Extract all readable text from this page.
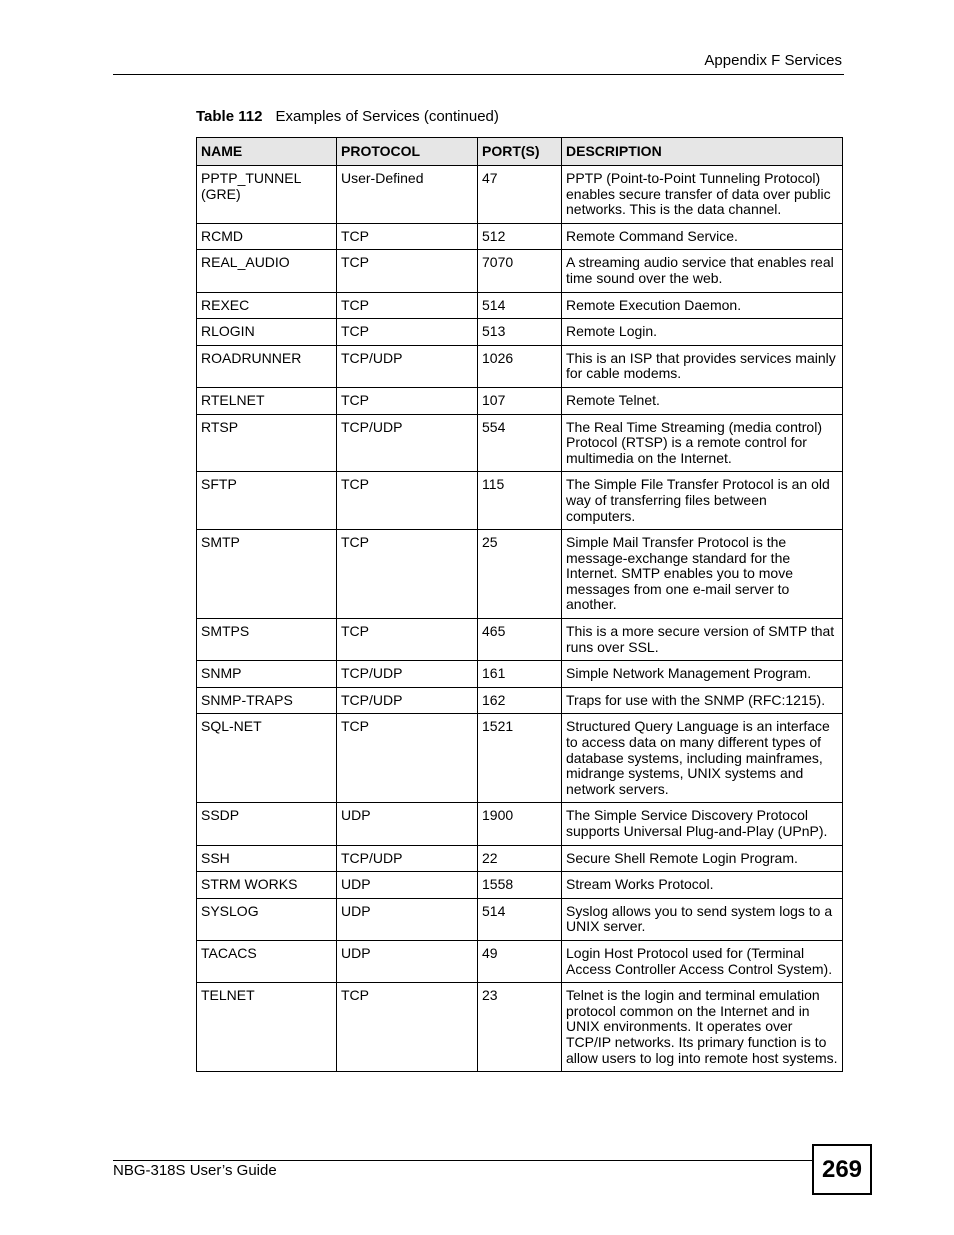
Appendix F Services
Table 112 Examples of Services (continued)
NAME	PROTOCOL	PORT(S)	DESCRIPTION
PPTP_TUNNEL (GRE)	User-Defined	47	PPTP (Point-to-Point Tunneling Protocol) enables secure transfer of data over public networks. This is the data channel.
RCMD	TCP	512	Remote Command Service.
REAL_AUDIO	TCP	7070	A streaming audio service that enables real time sound over the web.
REXEC	TCP	514	Remote Execution Daemon.
RLOGIN	TCP	513	Remote Login.
ROADRUNNER	TCP/UDP	1026	This is an ISP that provides services mainly for cable modems.
RTELNET	TCP	107	Remote Telnet.
RTSP	TCP/UDP	554	The Real Time Streaming (media control) Protocol (RTSP) is a remote control for multimedia on the Internet.
SFTP	TCP	115	The Simple File Transfer Protocol is an old way of transferring files between computers.
SMTP	TCP	25	Simple Mail Transfer Protocol is the message-exchange standard for the Internet. SMTP enables you to move messages from one e-mail server to another.
SMTPS	TCP	465	This is a more secure version of SMTP that runs over SSL.
SNMP	TCP/UDP	161	Simple Network Management Program.
SNMP-TRAPS	TCP/UDP	162	Traps for use with the SNMP (RFC:1215).
SQL-NET	TCP	1521	Structured Query Language is an interface to access data on many different types of database systems, including mainframes, midrange systems, UNIX systems and network servers.
SSDP	UDP	1900	The Simple Service Discovery Protocol supports Universal Plug-and-Play (UPnP).
SSH	TCP/UDP	22	Secure Shell Remote Login Program.
STRM WORKS	UDP	1558	Stream Works Protocol.
SYSLOG	UDP	514	Syslog allows you to send system logs to a UNIX server.
TACACS	UDP	49	Login Host Protocol used for (Terminal Access Controller Access Control System).
TELNET	TCP	23	Telnet is the login and terminal emulation protocol common on the Internet and in UNIX environments. It operates over TCP/IP networks. Its primary function is to allow users to log into remote host systems.
NBG-318S User’s Guide	269
